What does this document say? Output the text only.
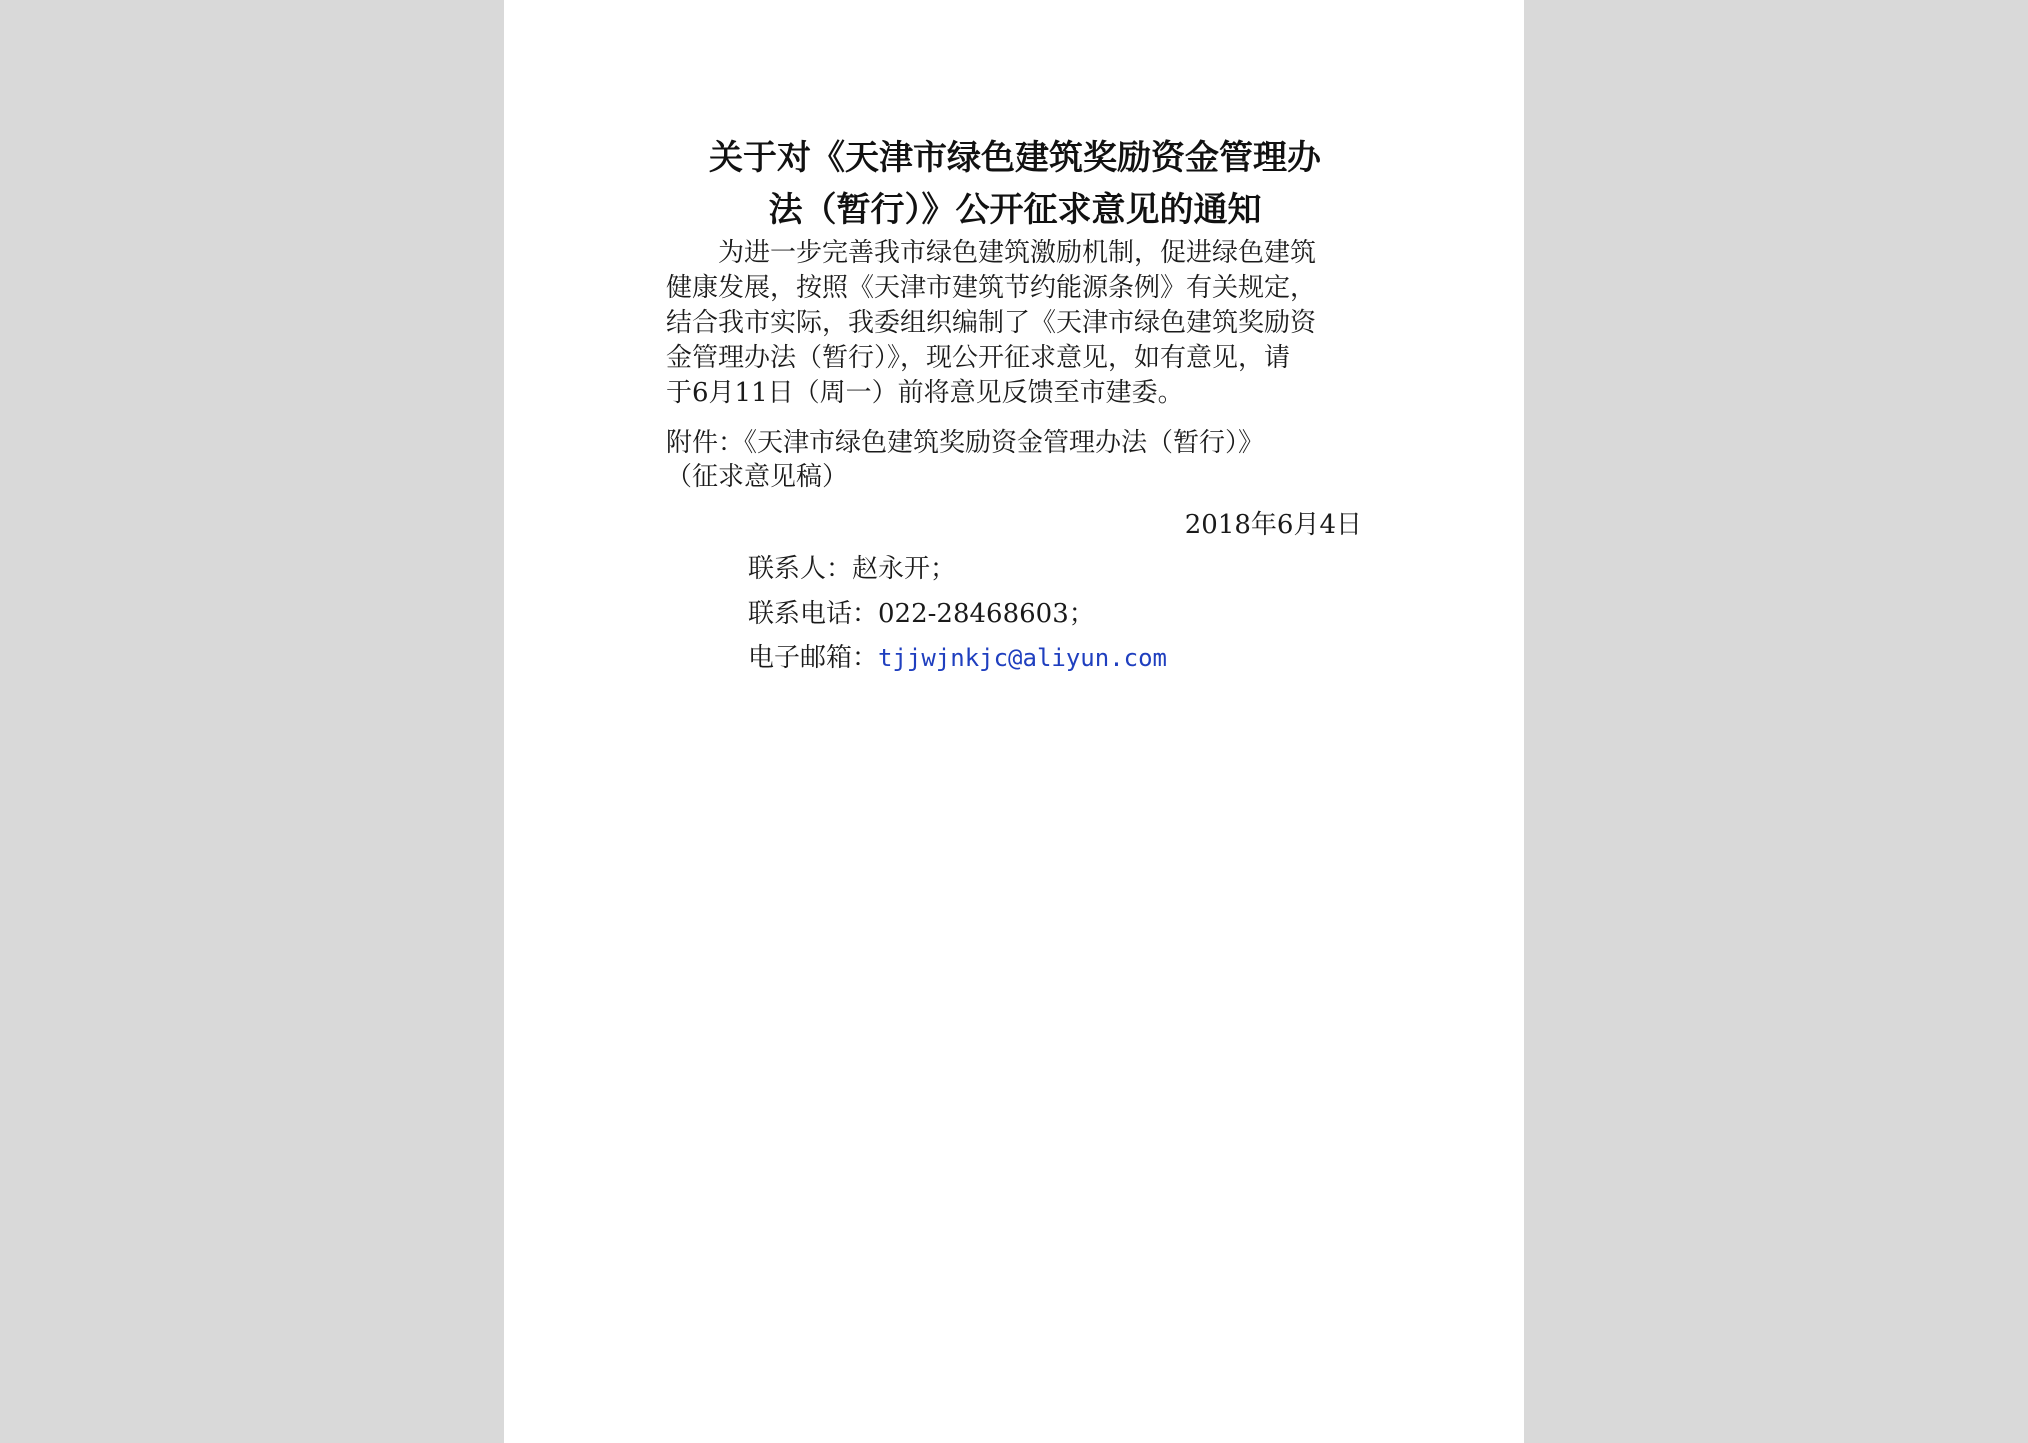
关于对《天津市绿色建筑奖励资金管理办
法（暂行）》公开征求意见的通知
为进一步完善我市绿色建筑激励机制，促进绿色建筑
健康发展，按照《天津市建筑节约能源条例》有关规定，
结合我市实际，我委组织编制了《天津市绿色建筑奖励资
金管理办法（暂行）》，现公开征求意见，如有意见，请
于6月11日（周一）前将意见反馈至市建委。
附件：《天津市绿色建筑奖励资金管理办法（暂行）》
（征求意见稿）
2018年6月4日
联系人：赵永开；
联系电话：022-28468603；
电子邮箱：tjjwjnkjc@aliyun.com
